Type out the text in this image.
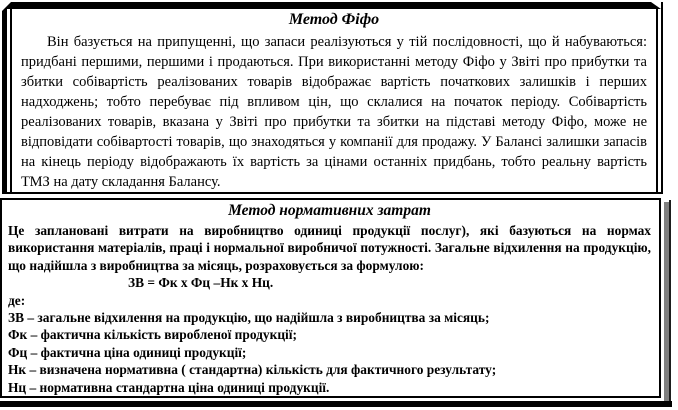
Метод Фіфо

Він базується на припущенні, що запаси реалізуються у тій послідовності, що й набуваються: придбані першими, першими і продаються. При використанні методу Фіфо у Звіті про прибутки та збитки собівартість реалізованих товарів відображає вартість початкових залишків і перших надходжень; тобто перебуває під впливом цін, що склалися на початок періоду. Собівартість реалізованих товарів, вказана у Звіті про прибутки та збитки на підставі методу Фіфо, може не відповідати собівартості товарів, що знаходяться у компанії для продажу. У Балансі залишки запасів на кінець періоду відображають їх вартість за цінами останніх придбань, тобто реальну вартість ТМЗ на дату складання Балансу.

Метод нормативних затрат

Це заплановані витрати на виробництво одиниці продукції послуг), які базуються на нормах використання матеріалів, праці і нормальної виробничої потужності. Загальне відхилення на продукцію, що надійшла з виробництва за місяць, розраховується за формулою:

ЗВ = Фк х Фц –Нк х Нц.
де:
ЗВ – загальне відхилення на продукцію, що надійшла з виробництва за місяць;
Фк – фактична кількість виробленої продукції;
Фц – фактична ціна одиниці продукції;
Нк – визначена нормативна ( стандартна) кількість для фактичного результату;
Нц – нормативна стандартна ціна одиниці продукції.
